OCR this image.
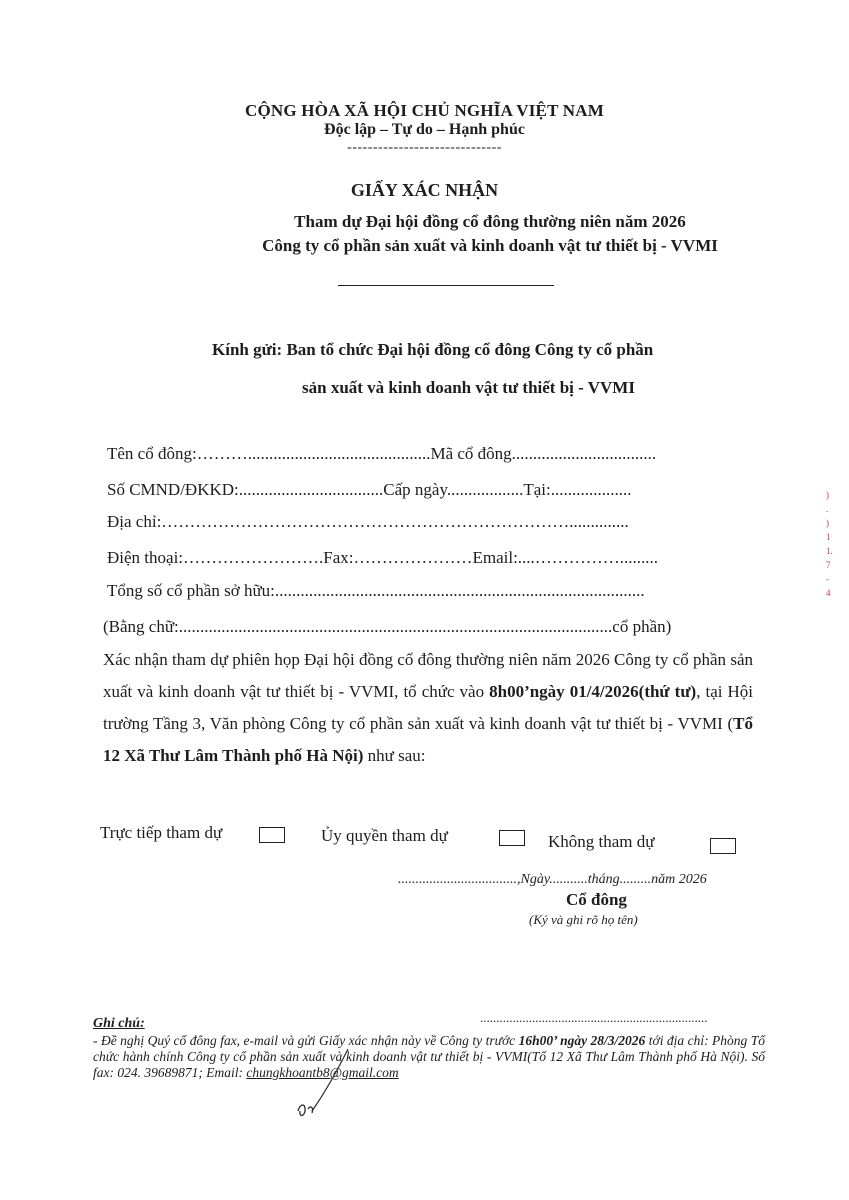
CỘNG HÒA XÃ HỘI CHỦ NGHĨA VIỆT NAM
Độc lập – Tự do – Hạnh phúc
------------------------------
GIẤY XÁC NHẬN
Tham dự Đại hội đồng cổ đông thường niên năm 2026
Công ty cổ phần sản xuất và kinh doanh vật tư thiết bị - VVMI
Kính gửi: Ban tổ chức Đại hội đồng cổ đông Công ty cổ phần
sản xuất và kinh doanh vật tư thiết bị - VVMI
Tên cổ đông:………...........................................Mã cổ đông..................................
Số CMND/ĐKKD:..................................Cấp ngày..................Tại:...................
Địa chỉ:………………………………………………………………..............
Điện thoại:…………………….Fax:…………………Email:....…………….........
Tổng số cổ phần sở hữu:.......................................................................................
(Bằng chữ:......................................................................................................cổ phần)
Xác nhận tham dự phiên họp Đại hội đồng cổ đông thường niên năm 2026 Công ty cổ phần sản xuất và kinh doanh vật tư thiết bị - VVMI, tổ chức vào 8h00’ngày 01/4/2026(thứ tư), tại Hội trường Tầng 3, Văn phòng Công ty cổ phần sản xuất và kinh doanh vật tư thiết bị - VVMI (Tổ 12 Xã Thư Lâm Thành phố Hà Nội) như sau:
Trực tiếp tham dự	Ủy quyền tham dự	Không tham dự
..................................,Ngày...........tháng.........năm 2026
Cổ đông
(Ký và ghi rõ họ tên)
......................................................................
Ghi chú:
- Đề nghị Quý cổ đông fax, e-mail và gửi Giấy xác nhận này về Công ty trước 16h00’ ngày 28/3/2026 tới địa chỉ: Phòng Tổ chức hành chính Công ty cổ phần sản xuất và kinh doanh vật tư thiết bị - VVMI(Tổ 12 Xã Thư Lâm Thành phố Hà Nội). Số fax: 024. 39689871; Email: chungkhoantb8@gmail.com
)
.
)
1
1.
7
-
4
